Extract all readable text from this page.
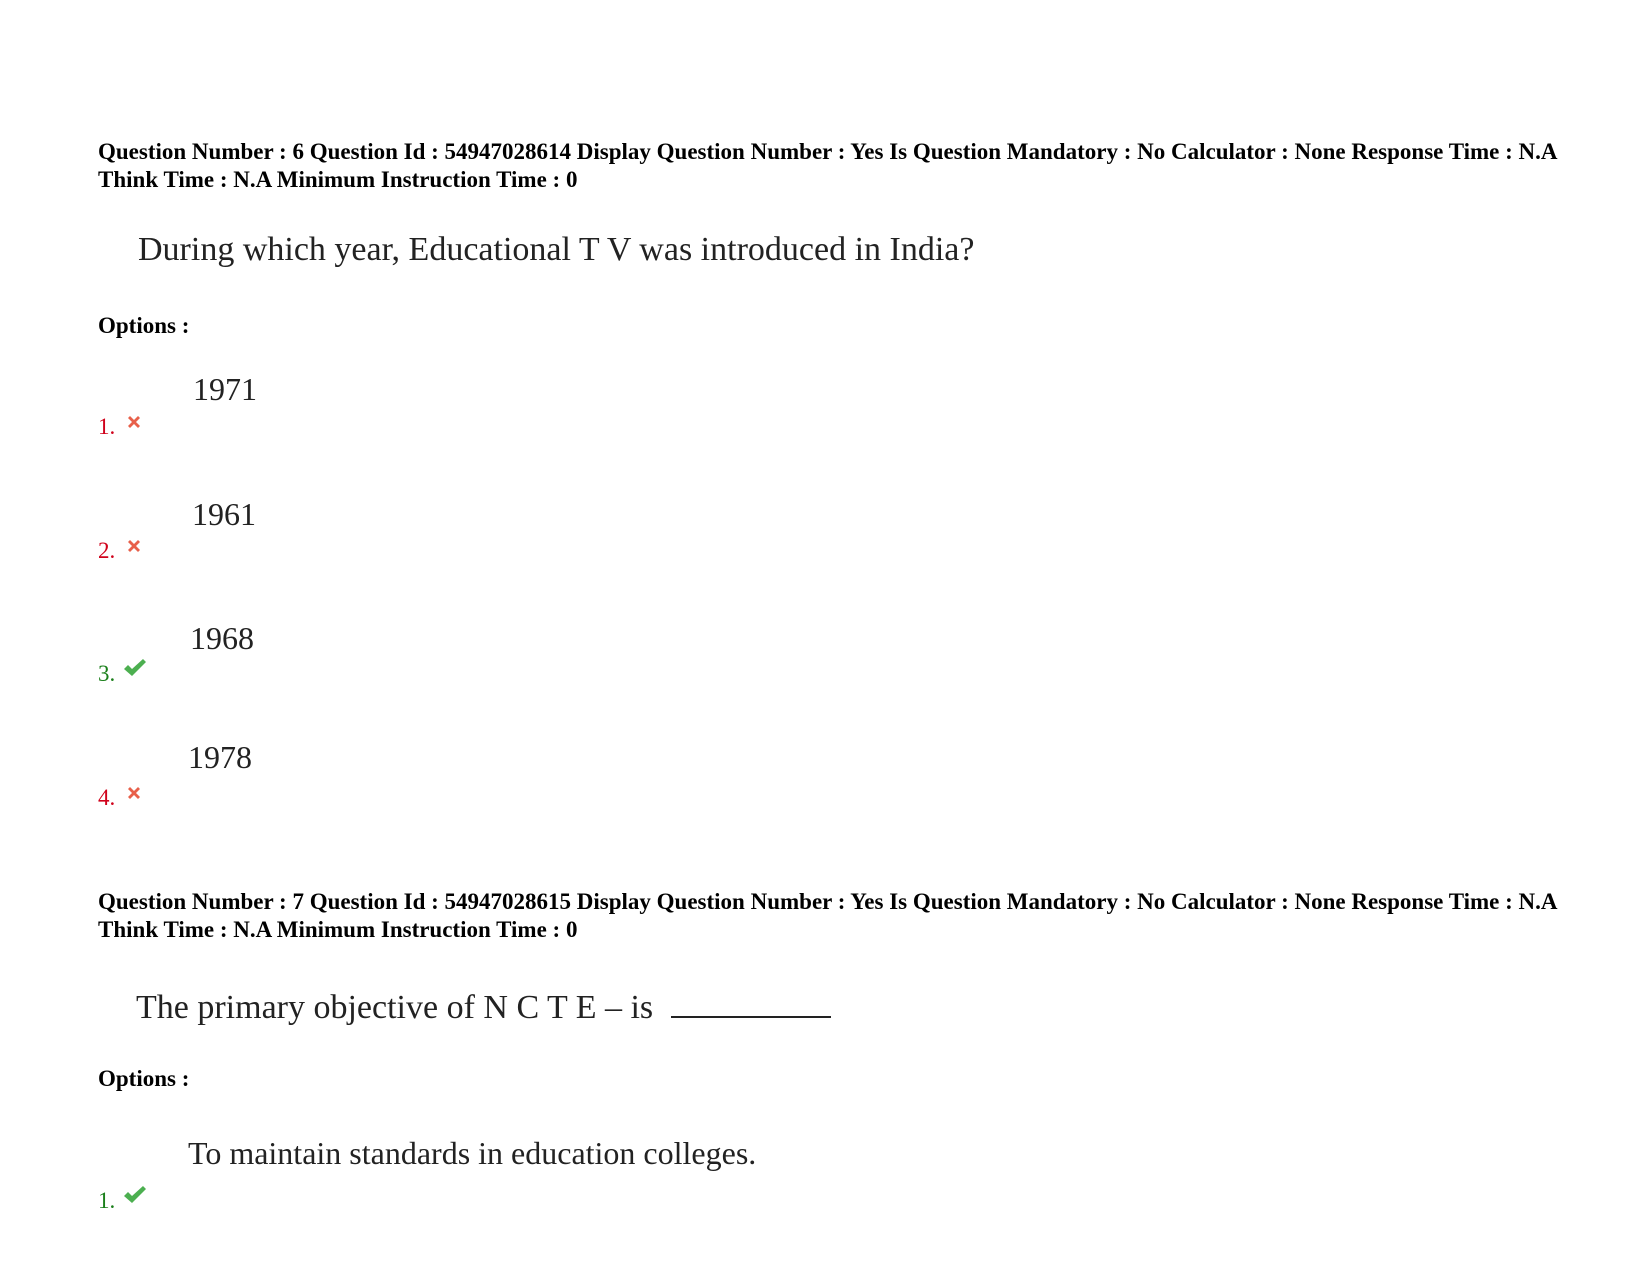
Question Number : 6 Question Id : 54947028614 Display Question Number : Yes Is Question Mandatory : No Calculator : None Response Time : N.A Think Time : N.A Minimum Instruction Time : 0
During which year, Educational T V was introduced in India?
Options :
1.
1971
2.
1961
3.
1968
4.
1978
Question Number : 7 Question Id : 54947028615 Display Question Number : Yes Is Question Mandatory : No Calculator : None Response Time : N.A Think Time : N.A Minimum Instruction Time : 0
The primary objective of N C T E – is
Options :
1.
To maintain standards in education colleges.
